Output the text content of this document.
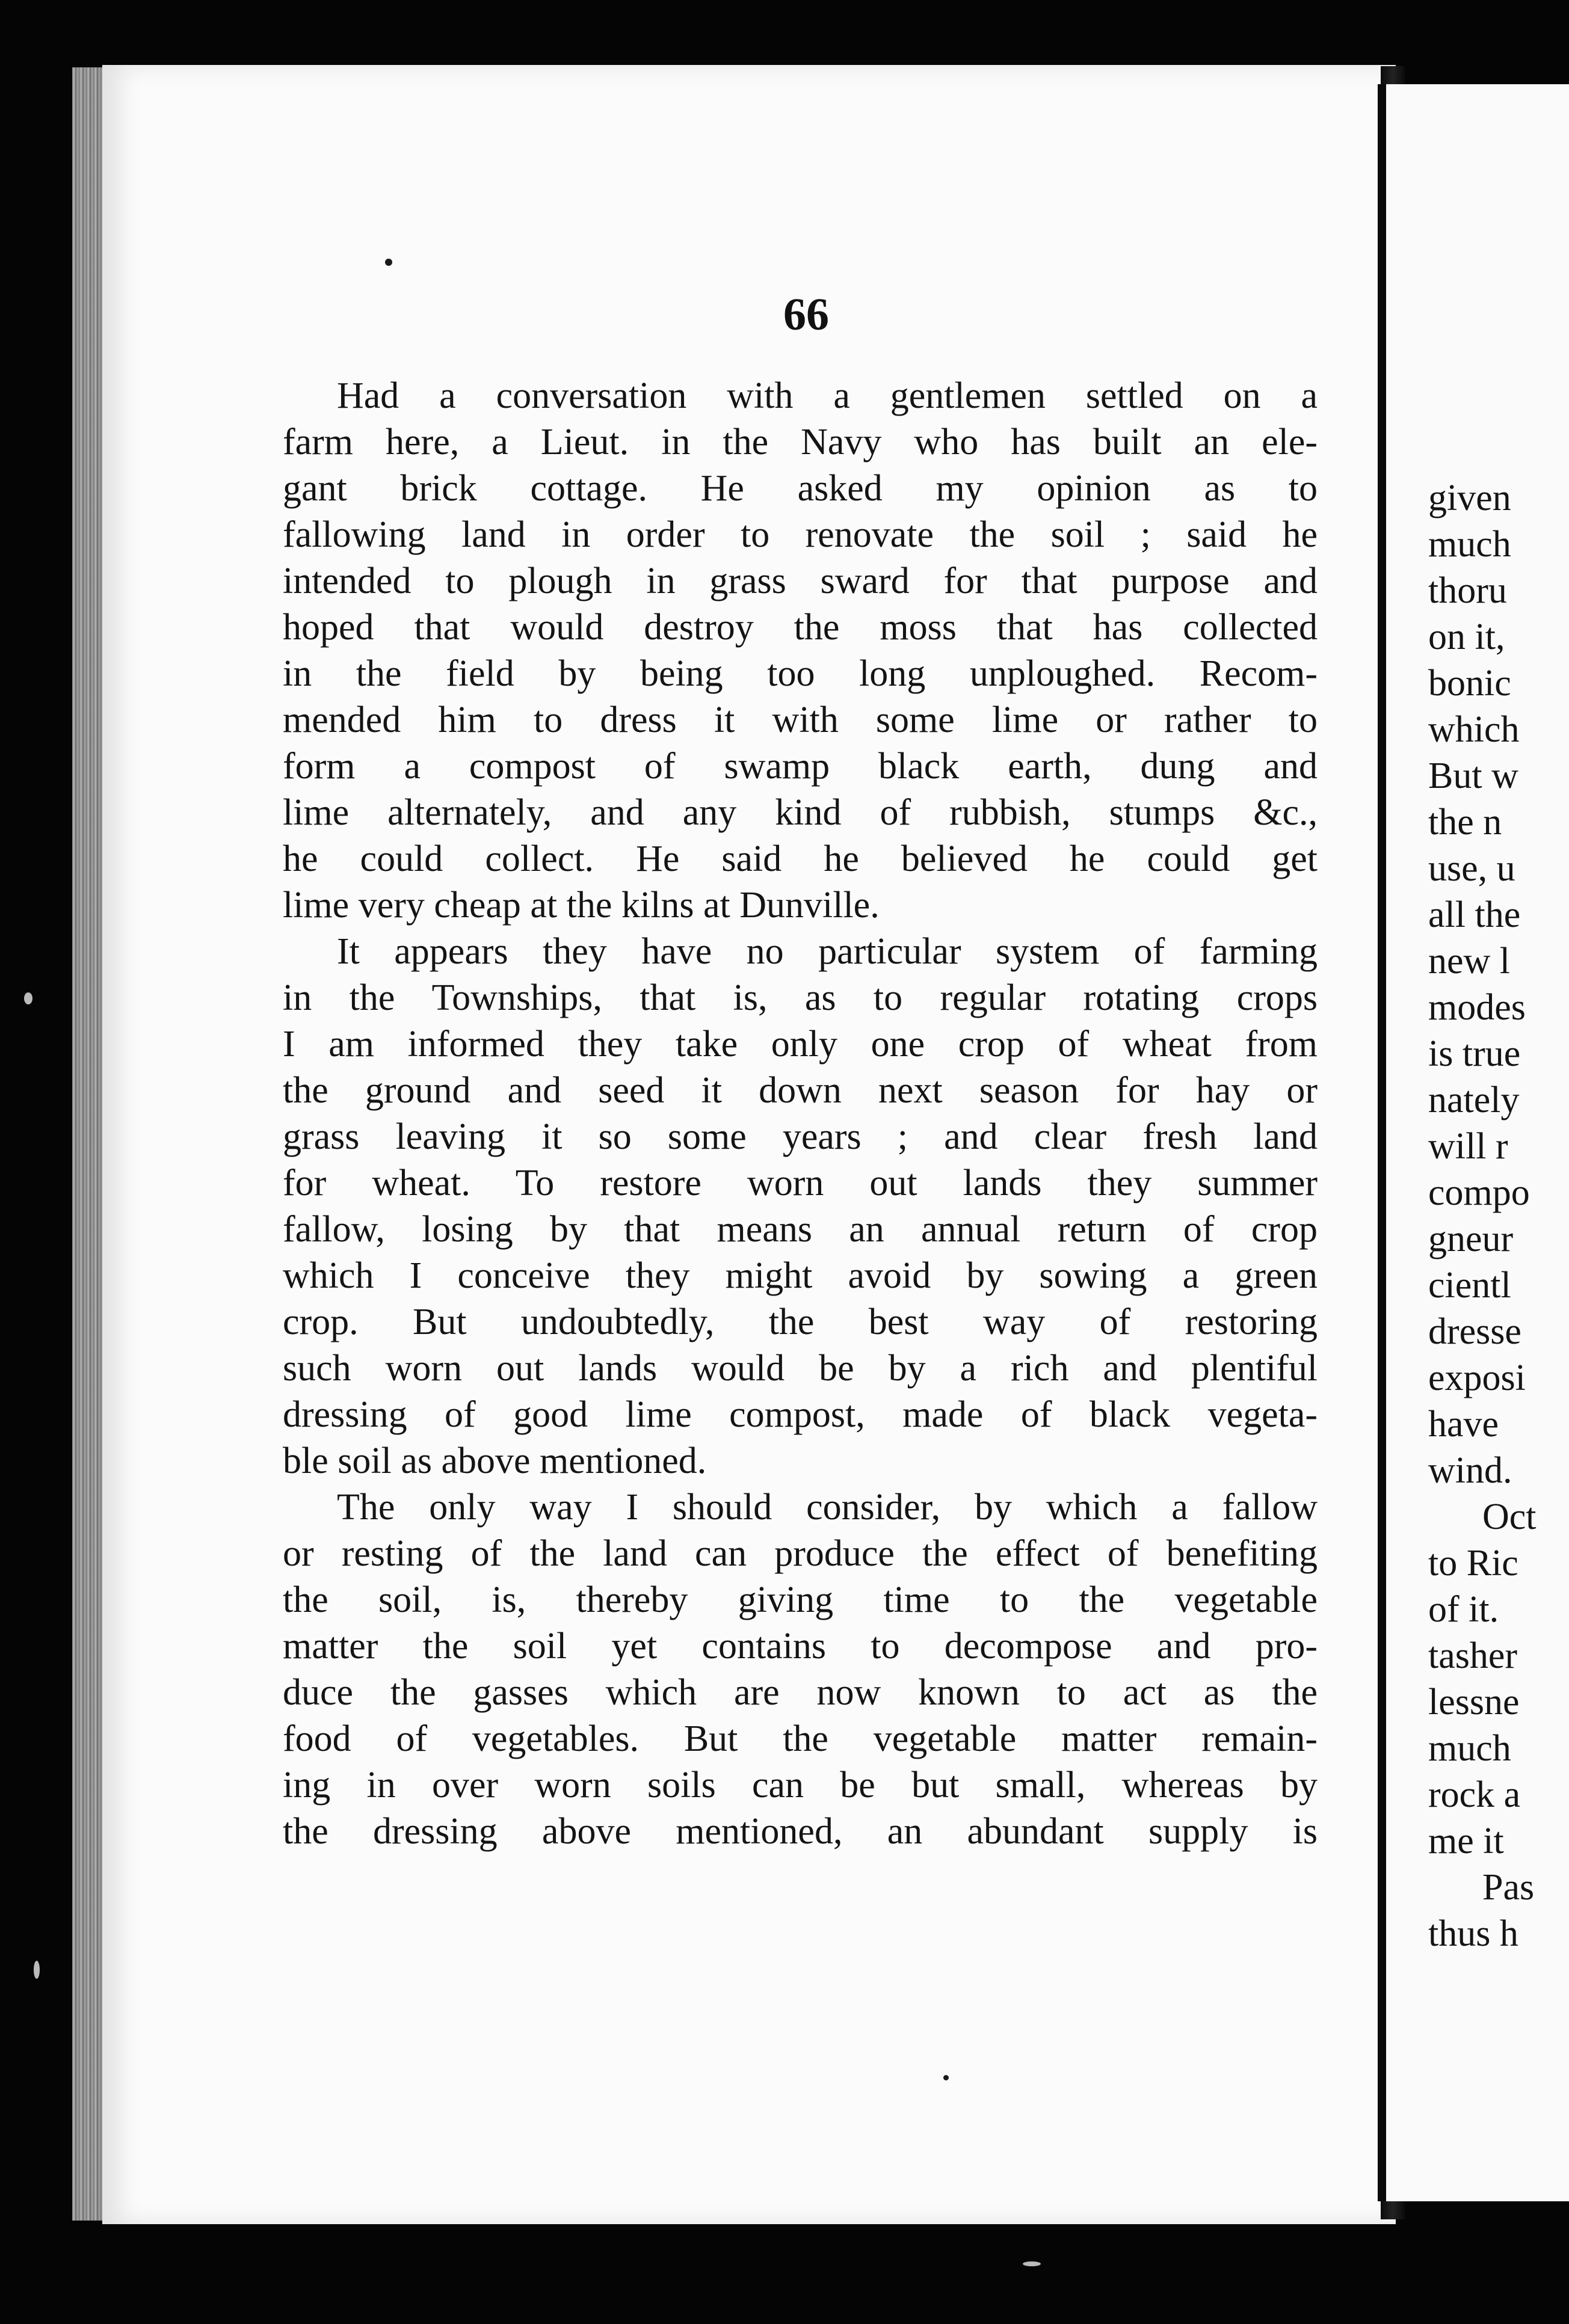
given
much
thoru
on it,
bonic
which
But w
the n
use, u
all the
new l
modes
is true
nately
will r
compo
gneur
cientl
dresse
exposi
have
wind.
Oct
to Ric
of it.
tasher
lessne
much
rock a
me it
Pas
thus h
66
Had a conversation with a gentlemen settled on a
farm here, a Lieut. in the Navy who has built an ele-
gant brick cottage. He asked my opinion as to
fallowing land in order to renovate the soil ; said he
intended to plough in grass sward for that purpose and
hoped that would destroy the moss that has collected
in the field by being too long unploughed. Recom-
mended him to dress it with some lime or rather to
form a compost of swamp black earth, dung and
lime alternately, and any kind of rubbish, stumps &c.,
he could collect. He said he believed he could get
lime very cheap at the kilns at Dunville.
It appears they have no particular system of farming
in the Townships, that is, as to regular rotating crops
I am informed they take only one crop of wheat from
the ground and seed it down next season for hay or
grass leaving it so some years ; and clear fresh land
for wheat. To restore worn out lands they summer
fallow, losing by that means an annual return of crop
which I conceive they might avoid by sowing a green
crop. But undoubtedly, the best way of restoring
such worn out lands would be by a rich and plentiful
dressing of good lime compost, made of black vegeta-
ble soil as above mentioned.
The only way I should consider, by which a fallow
or resting of the land can produce the effect of benefiting
the soil, is, thereby giving time to the vegetable
matter the soil yet contains to decompose and pro-
duce the gasses which are now known to act as the
food of vegetables. But the vegetable matter remain-
ing in over worn soils can be but small, whereas by
the dressing above mentioned, an abundant supply is
